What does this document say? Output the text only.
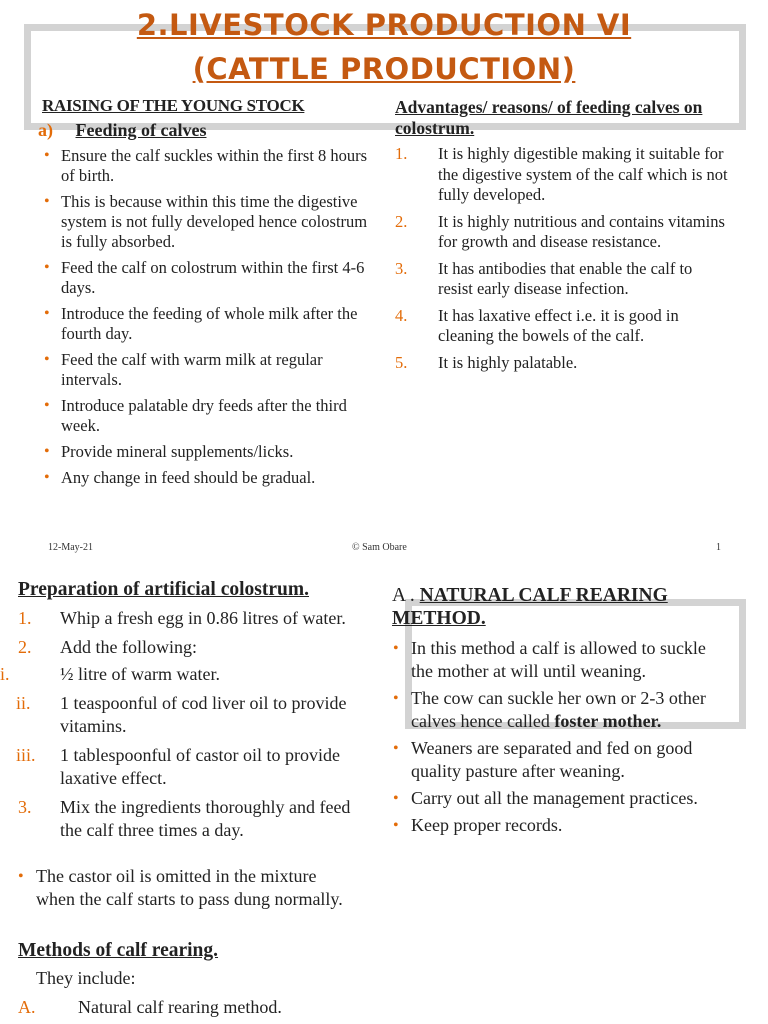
2.LIVESTOCK PRODUCTION VI
(CATTLE PRODUCTION)
RAISING OF THE YOUNG STOCK
a) Feeding of calves
• Ensure the calf suckles within the first 8 hours of birth.
• This is because within this time the digestive system is not fully developed hence colostrum is fully absorbed.
• Feed the calf on colostrum within the first 4-6 days.
• Introduce the feeding of whole milk after the fourth day.
• Feed the calf with warm milk at regular intervals.
• Introduce palatable dry feeds after the third week.
• Provide mineral supplements/licks.
• Any change in feed should be gradual.
Advantages/ reasons/ of feeding calves on colostrum.
1. It is highly digestible making it suitable for the digestive system of the calf which is not fully developed.
2. It is highly nutritious and contains vitamins for growth and disease resistance.
3. It has antibodies that enable the calf to resist early disease infection.
4. It has laxative effect i.e. it is good in cleaning the bowels of the calf.
5. It is highly palatable.
12-May-21	© Sam Obare	1
Preparation of artificial colostrum.
1. Whip a fresh egg in 0.86 litres of water.
2. Add the following:
i.	½ litre of warm water.
ii. 1 teaspoonful of cod liver oil to provide vitamins.
iii. 1 tablespoonful of castor oil to provide laxative effect.
3. Mix the ingredients thoroughly and feed the calf three times a day.
• The castor oil is omitted in the mixture when the calf starts to pass dung normally.
Methods of calf rearing.
They include:
A. Natural calf rearing method.
A . NATURAL CALF REARING METHOD.
• In this method a calf is allowed to suckle the mother at will until weaning.
• The cow can suckle her own or 2-3 other calves hence called foster mother.
• Weaners are separated and fed on good quality pasture after weaning.
• Carry out all the management practices.
• Keep proper records.
